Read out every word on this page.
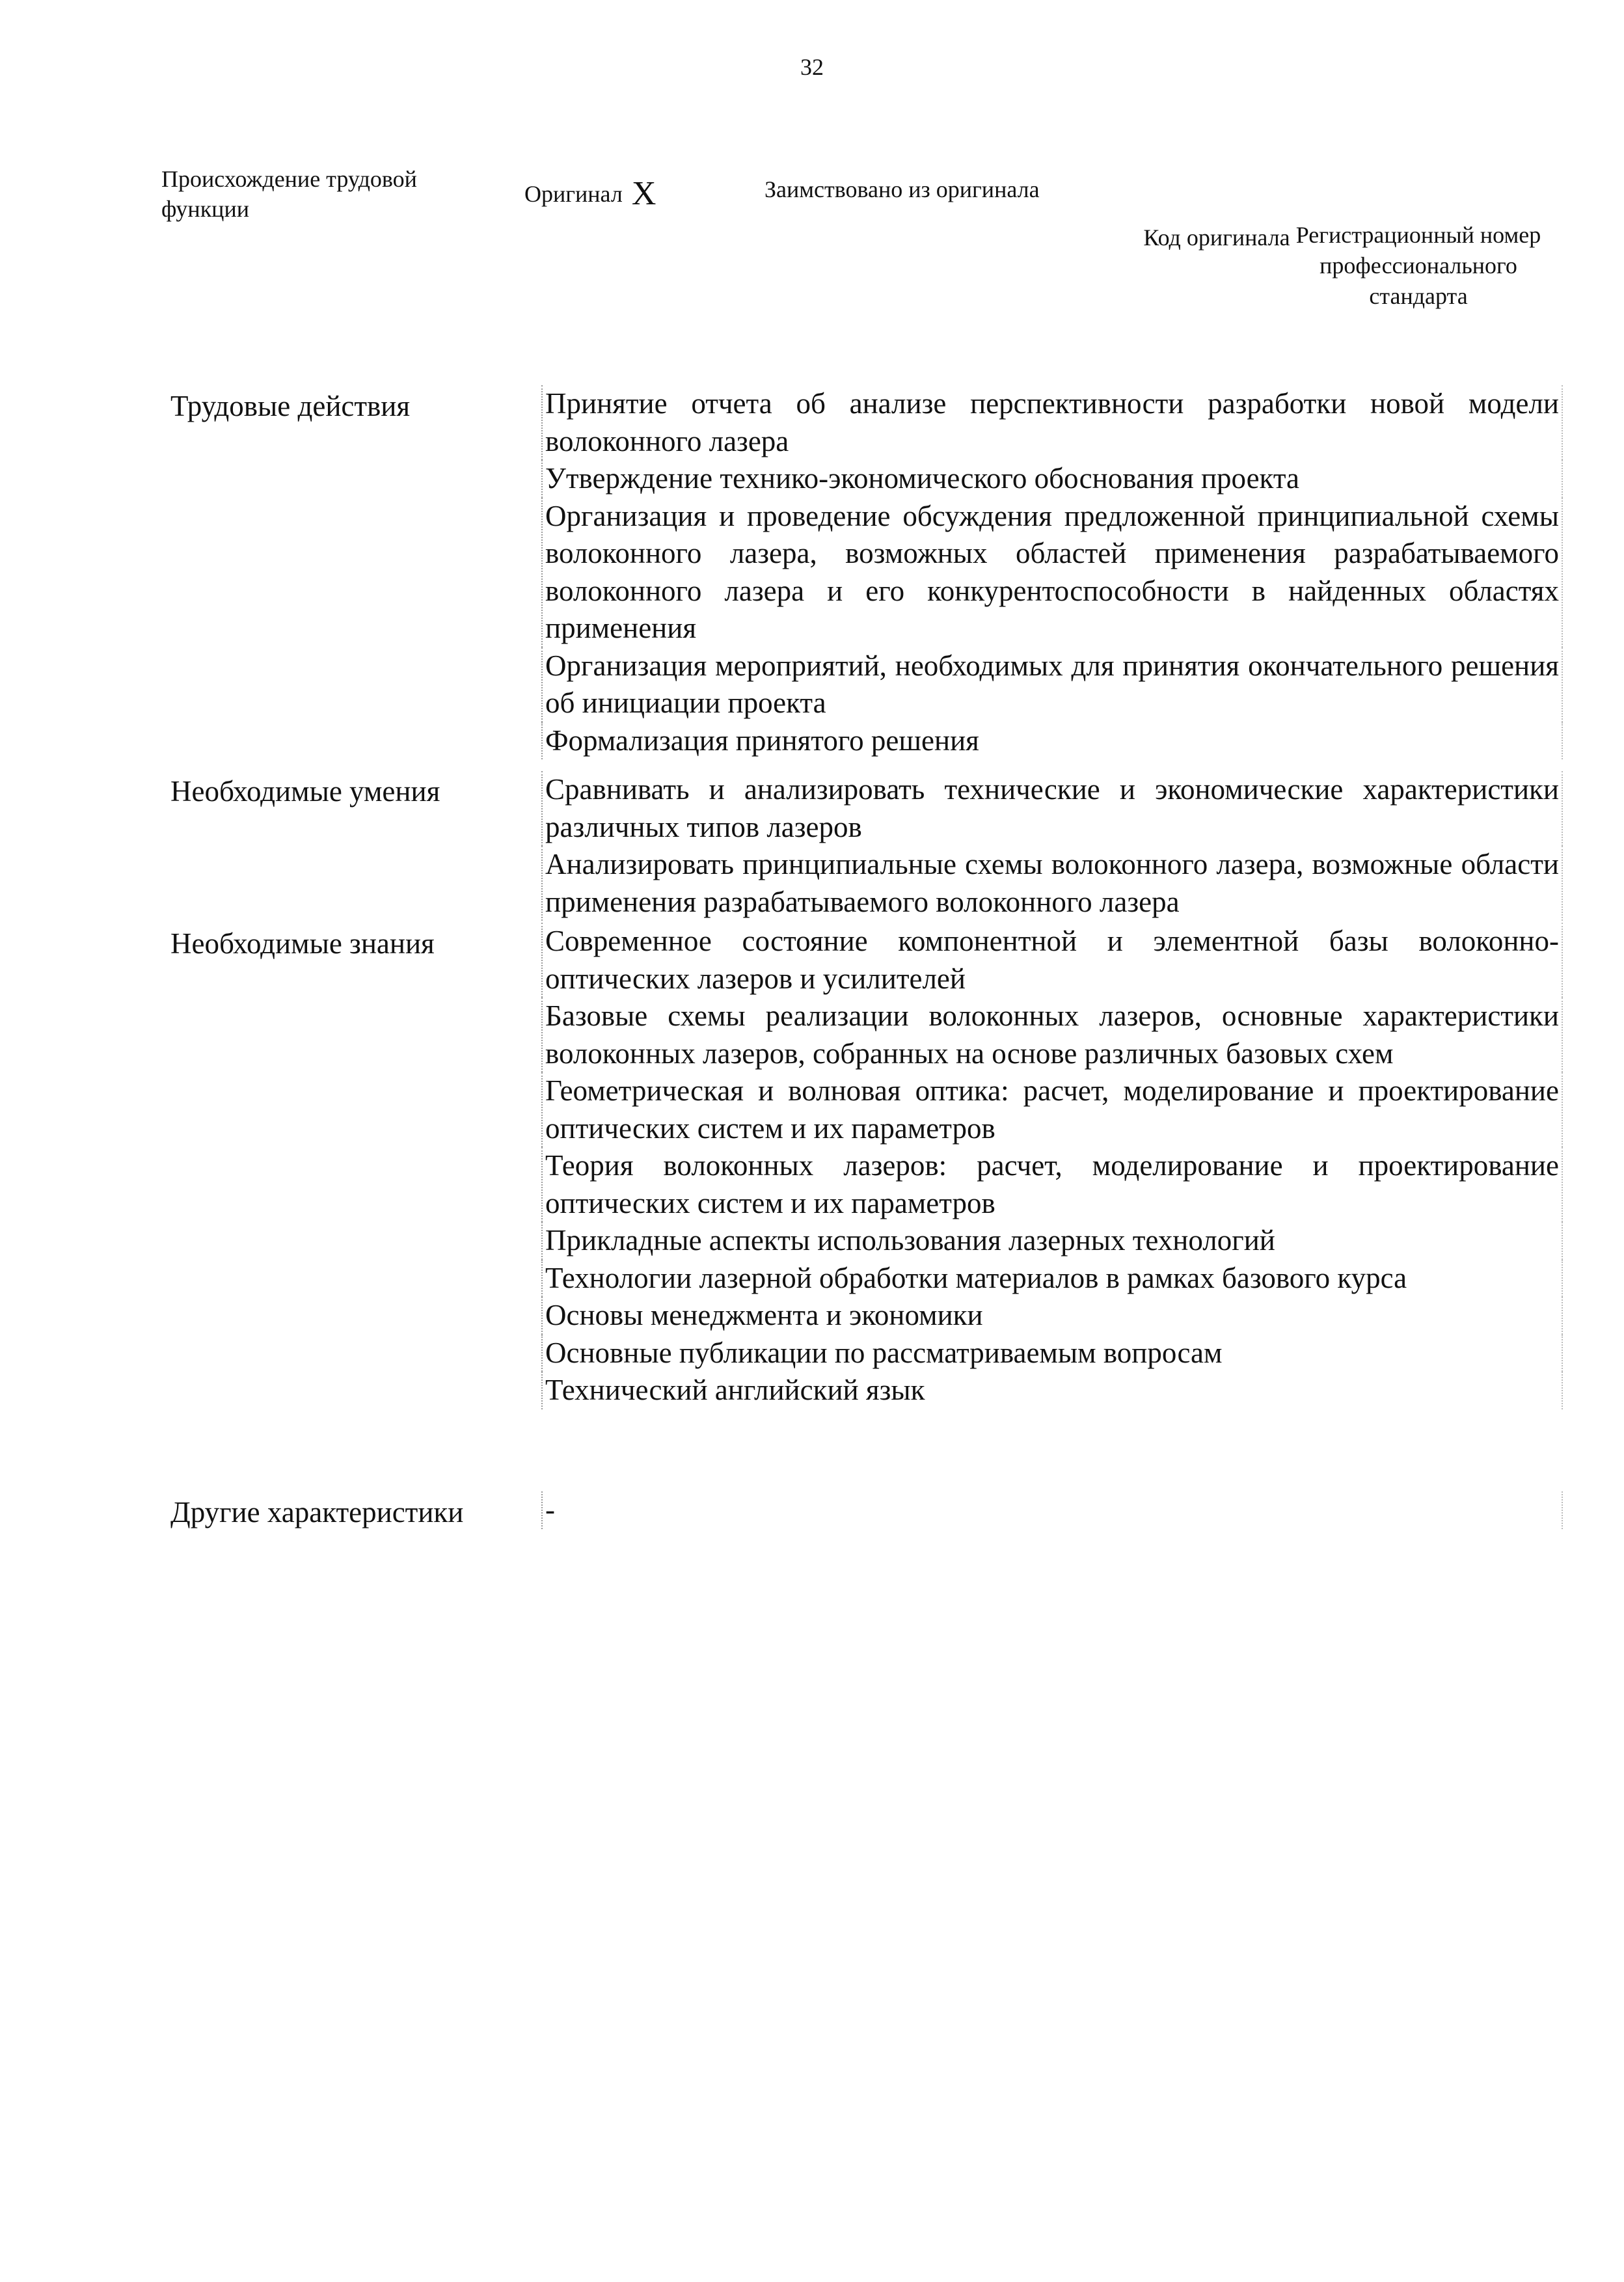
32
Происхождение трудовой функции
Оригинал X	Заимствовано из оригинала
Код оригинала Регистрационный номер профессионального стандарта
Трудовые действия	Принятие отчета об анализе перспективности разработки новой модели волоконного лазера
Утверждение технико-экономического обоснования проекта
Организация и проведение обсуждения предложенной принципиальной схемы волоконного лазера, возможных областей применения разрабатываемого волоконного лазера и его конкурентоспособности в найденных областях применения
Организация мероприятий, необходимых для принятия окончательного решения об инициации проекта
Формализация принятого решения
Необходимые умения	Сравнивать и анализировать технические и экономические характеристики различных типов лазеров
Анализировать принципиальные схемы волоконного лазера, возможные области применения разрабатываемого волоконного лазера
Необходимые знания	Современное состояние компонентной и элементной базы волоконно-оптических лазеров и усилителей
Базовые схемы реализации волоконных лазеров, основные характеристики волоконных лазеров, собранных на основе различных базовых схем
Геометрическая и волновая оптика: расчет, моделирование и проектирование оптических систем и их параметров
Теория волоконных лазеров: расчет, моделирование и проектирование оптических систем и их параметров
Прикладные аспекты использования лазерных технологий
Технологии лазерной обработки материалов в рамках базового курса
Основы менеджмента и экономики
Основные публикации по рассматриваемым вопросам
Технический английский язык
Другие характеристики	-
